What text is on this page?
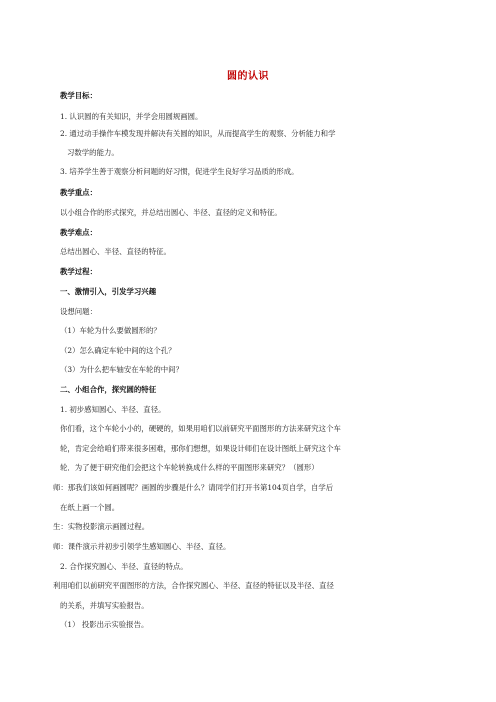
圆的认识
教学目标：
1. 认识圆的有关知识，并学会用圆规画圆。
2. 通过动手操作车模发现并解决有关圆的知识，从而提高学生的观察、分析能力和学
习数学的能力。
3. 培养学生善于观察分析问题的好习惯，促进学生良好学习品质的形成。
教学重点：
以小组合作的形式探究，并总结出圆心、半径、直径的定义和特征。
教学难点：
总结出圆心、半径、直径的特征。
教学过程：
一、激情引入，引发学习兴趣
设想问题：
（1）车轮为什么要做圆形的？
（2）怎么确定车轮中间的这个孔？
（3）为什么把车轴安在车轮的中间？
二、小组合作，探究圆的特征
1. 初步感知圆心、半径、直径。
你们看，这个车轮小小的，硬硬的，如果用咱们以前研究平面图形的方法来研究这个车
轮，肯定会给咱们带来很多困难，那你们想想，如果设计师们在设计图纸上研究这个车
轮．为了便于研究他们会把这个车轮转换成什么样的平面图形来研究？（圆形）
师：那我们该如何画圆呢？画圆的步骤是什么？请同学们打开书第104页自学，自学后
在纸上画一个圆。
生：实物投影演示画圆过程。
师：课件演示并初步引领学生感知圆心、半径、直径。
2. 合作探究圆心、半径、直径的特点。
利用咱们以前研究平面图形的方法，合作探究圆心、半径、直径的特征以及半径、直径
的关系，并填写实验报告。
（1） 投影出示实验报告。
